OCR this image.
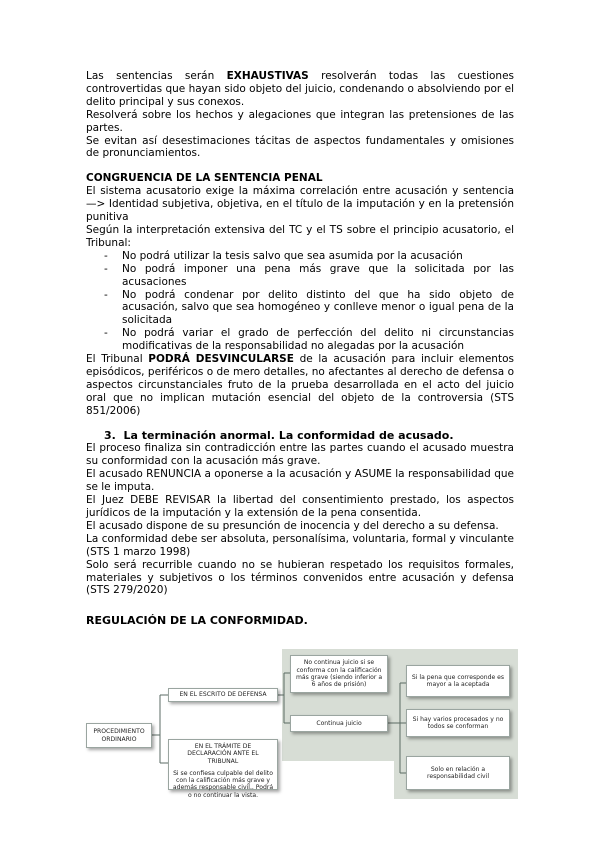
Las sentencias serán EXHAUSTIVAS resolverán todas las cuestiones controvertidas que hayan sido objeto del juicio, condenando o absolviendo por el delito principal y sus conexos.

Resolverá sobre los hechos y alegaciones que integran las pretensiones de las partes.

Se evitan así desestimaciones tácitas de aspectos fundamentales y omisiones de pronunciamientos.

CONGRUENCIA DE LA SENTENCIA PENAL

El sistema acusatorio exige la máxima correlación entre acusación y sentencia —> Identidad subjetiva, objetiva, en el título de la imputación y en la pretensión punitiva

Según la interpretación extensiva del TC y el TS sobre el principio acusatorio, el Tribunal:

- No podrá utilizar la tesis salvo que sea asumida por la acusación
- No podrá imponer una pena más grave que la solicitada por las acusaciones
- No podrá condenar por delito distinto del que ha sido objeto de acusación, salvo que sea homogéneo y conlleve menor o igual pena de la solicitada
- No podrá variar el grado de perfección del delito ni circunstancias modificativas de la responsabilidad no alegadas por la acusación

El Tribunal PODRÁ DESVINCULARSE de la acusación para incluir elementos episódicos, periféricos o de mero detalles, no afectantes al derecho de defensa o aspectos circunstanciales fruto de la prueba desarrollada en el acto del juicio oral que no implican mutación esencial del objeto de la controversia (STS 851/2006)

3. La terminación anormal. La conformidad de acusado.

El proceso finaliza sin contradicción entre las partes cuando el acusado muestra su conformidad con la acusación más grave.

El acusado RENUNCIA a oponerse a la acusación y ASUME la responsabilidad que se le imputa.

El Juez DEBE REVISAR la libertad del consentimiento prestado, los aspectos jurídicos de la imputación y la extensión de la pena consentida.

El acusado dispone de su presunción de inocencia y del derecho a su defensa.

La conformidad debe ser absoluta, personalísima, voluntaria, formal y vinculante (STS 1 marzo 1998)

Solo será recurrible cuando no se hubieran respetado los requisitos formales, materiales y subjetivos o los términos convenidos entre acusación y defensa (STS 279/2020)

REGULACIÓN DE LA CONFORMIDAD.

PROCEDIMIENTO ORDINARIO
EN EL ESCRITO DE DEFENSA
EN EL TRÁMITE DE DECLARACIÓN ANTE EL TRIBUNAL
Si se confiesa culpable del delito con la calificación más grave y además responsable civil.. Podrá o no continuar la vista.
No continua juicio si se conforma con la calificación más grave (siendo inferior a 6 años de prisión)
Continua juicio
Si la pena que corresponde es mayor a la aceptada
Si hay varios procesados y no todos se conforman
Solo en relación a responsabilidad civil
